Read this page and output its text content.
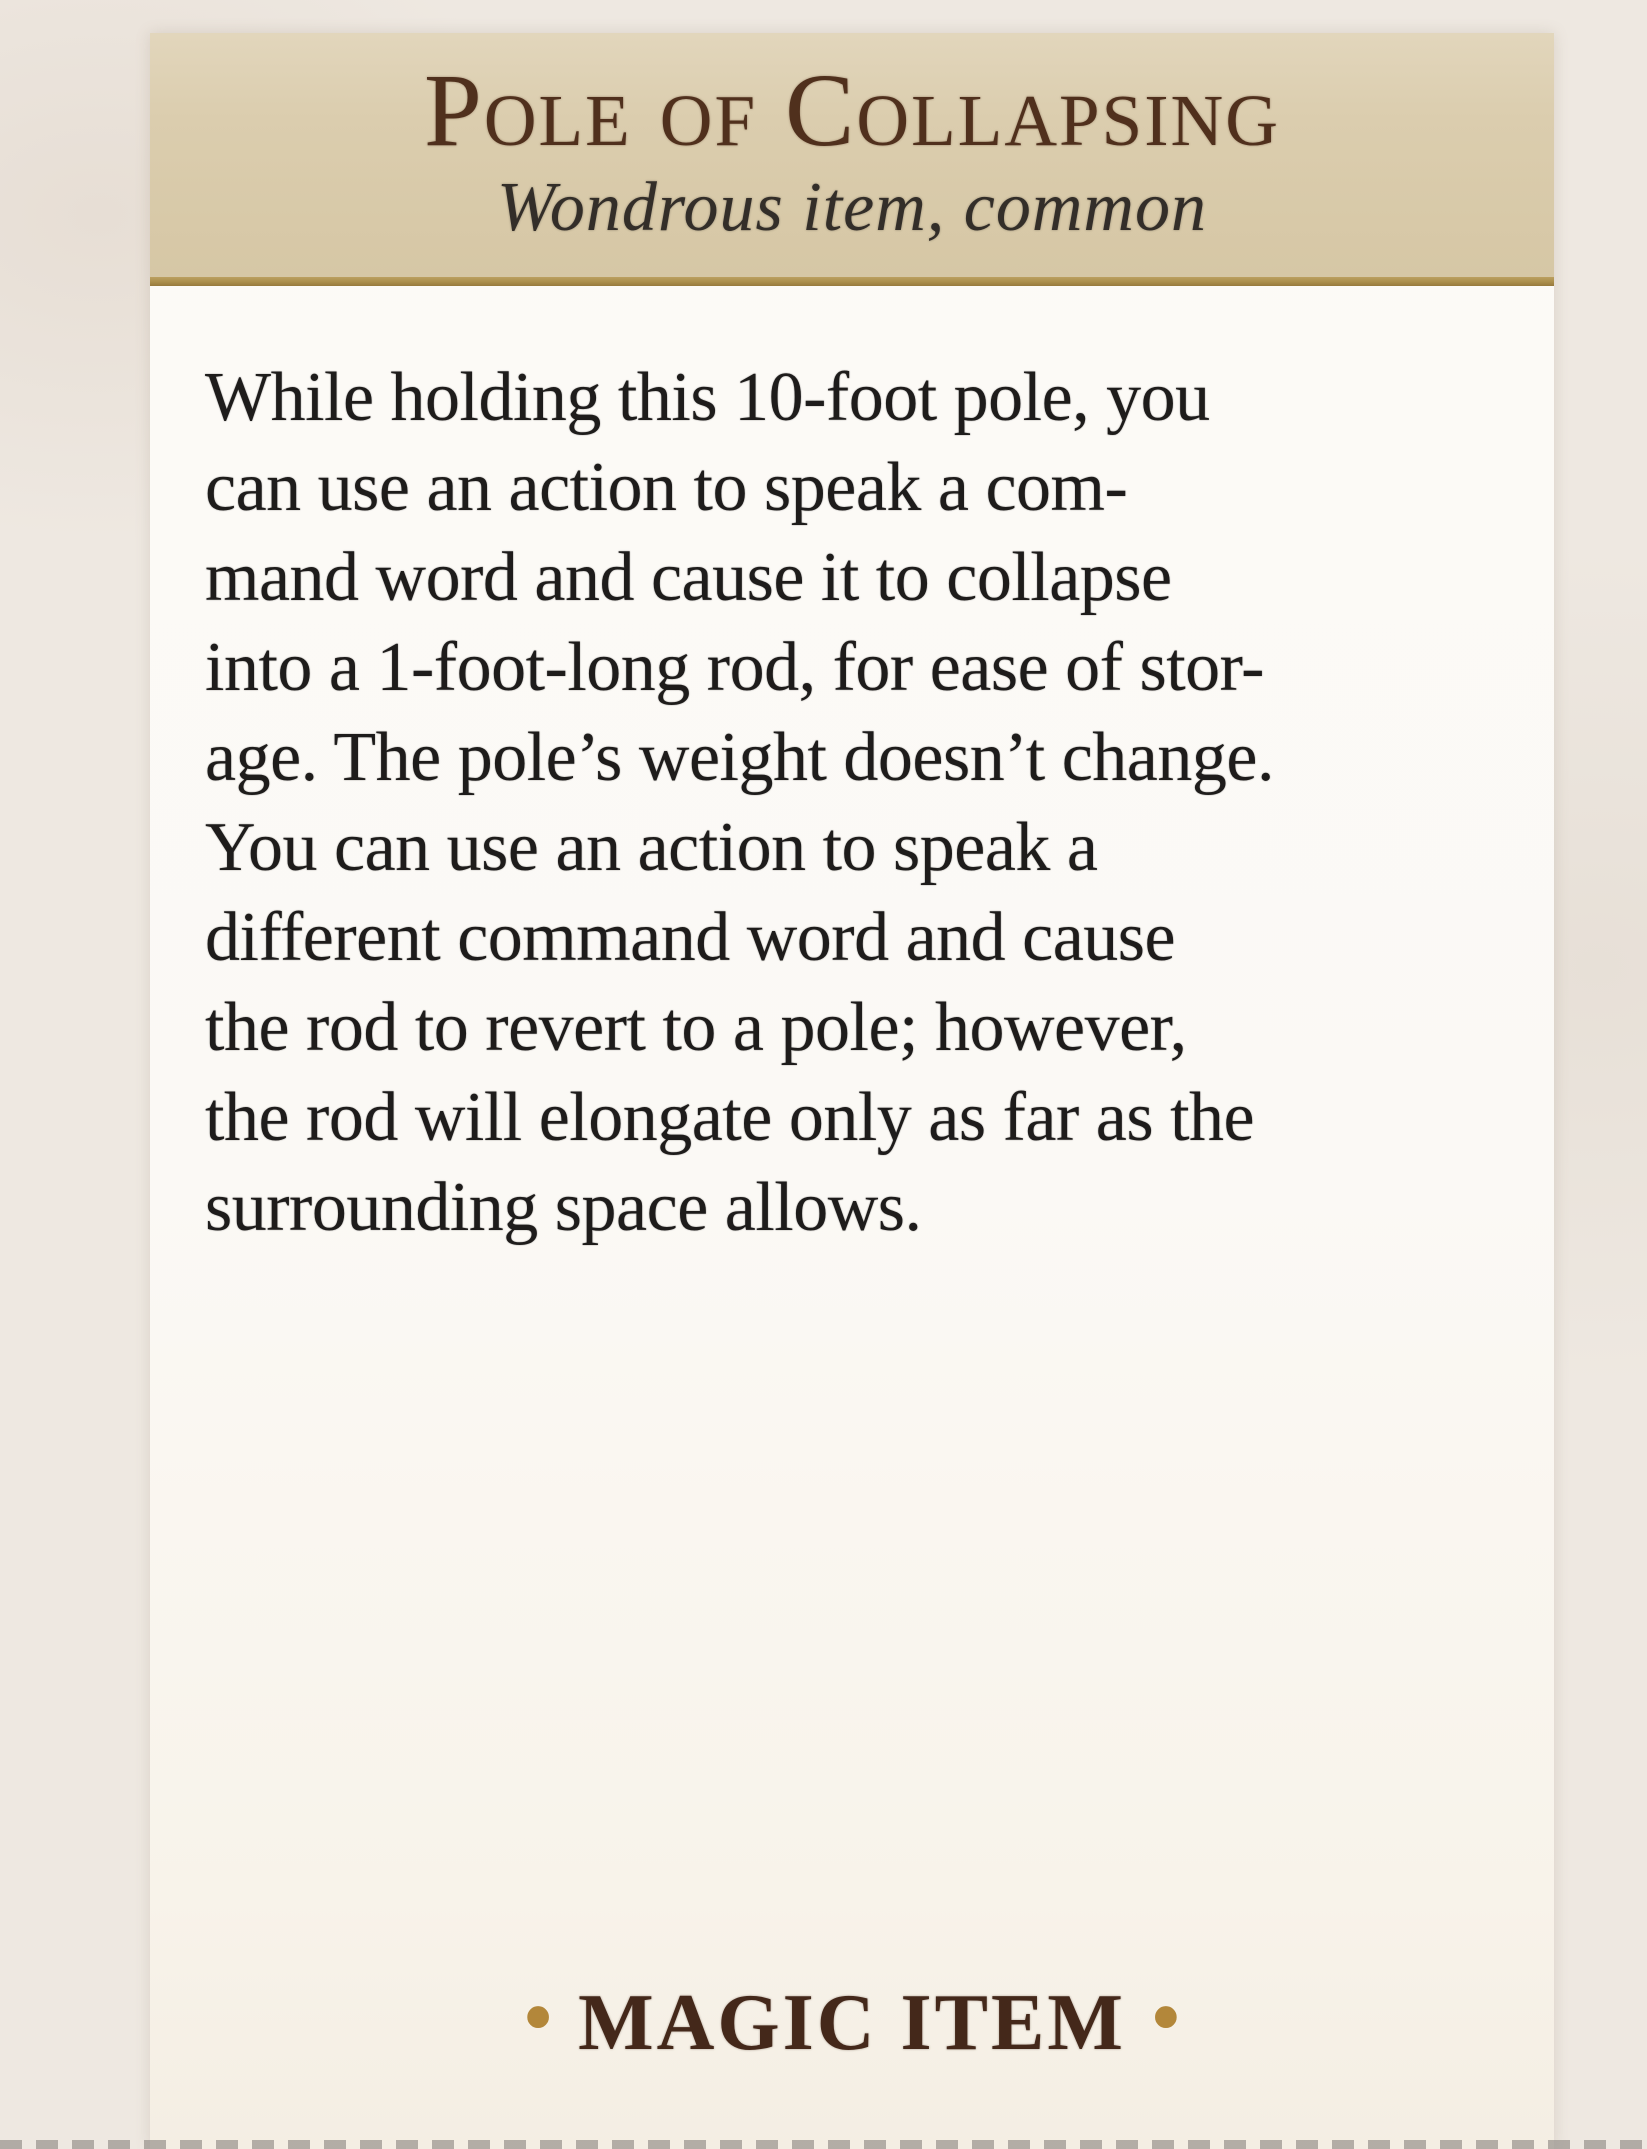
Pole of Collapsing

Wondrous item, common

While holding this 10-foot pole, you
can use an action to speak a com-
mand word and cause it to collapse
into a 1-foot-long rod, for ease of stor-
age. The pole’s weight doesn’t change.
You can use an action to speak a
different command word and cause
the rod to revert to a pole; however,
the rod will elongate only as far as the
surrounding space allows.
• MAGIC ITEM •
